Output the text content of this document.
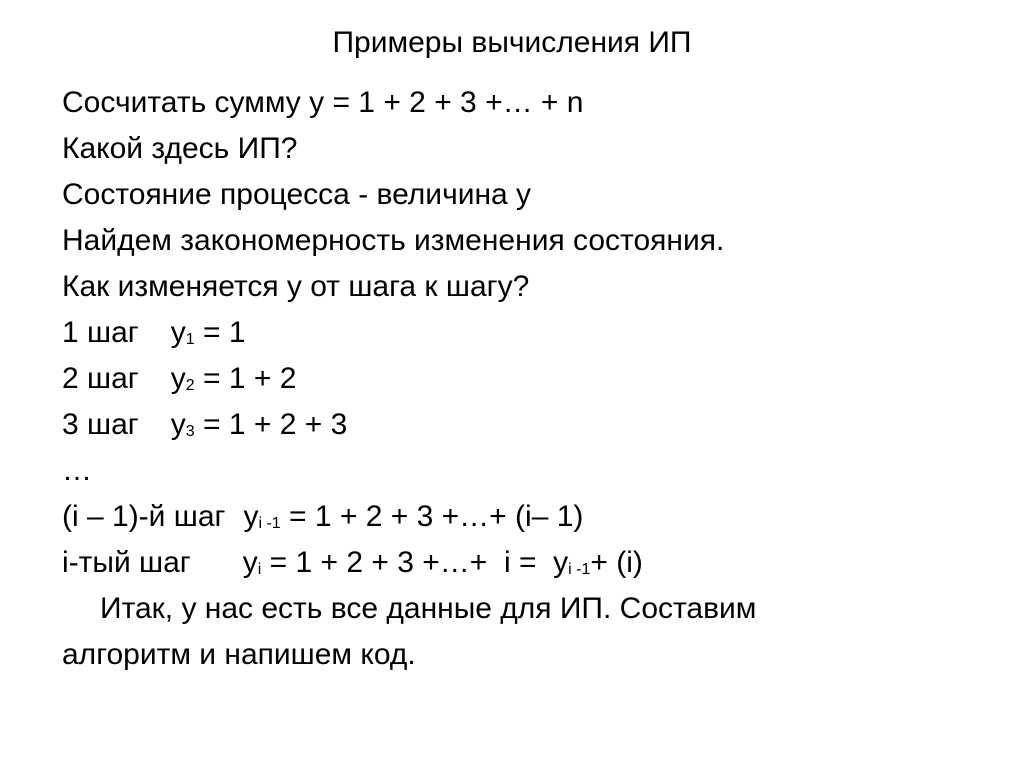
Примеры вычисления ИП
Сосчитать сумму у = 1 + 2 + 3 +… + n
Какой здесь ИП?
Состояние процесса - величина у
Найдем закономерность изменения состояния.
Как изменяется у от шага к шагу?
1 шаг y1 = 1
2 шаг y2 = 1 + 2
3 шаг y3 = 1 + 2 + 3
…
(i – 1)-й шаг yi -1 = 1 + 2 + 3 +…+ (i– 1)
i-тый шаг yi = 1 + 2 + 3 +…+  i =  yi -1+ (i)
Итак, у нас есть все данные для ИП. Составим
алгоритм и напишем код.
